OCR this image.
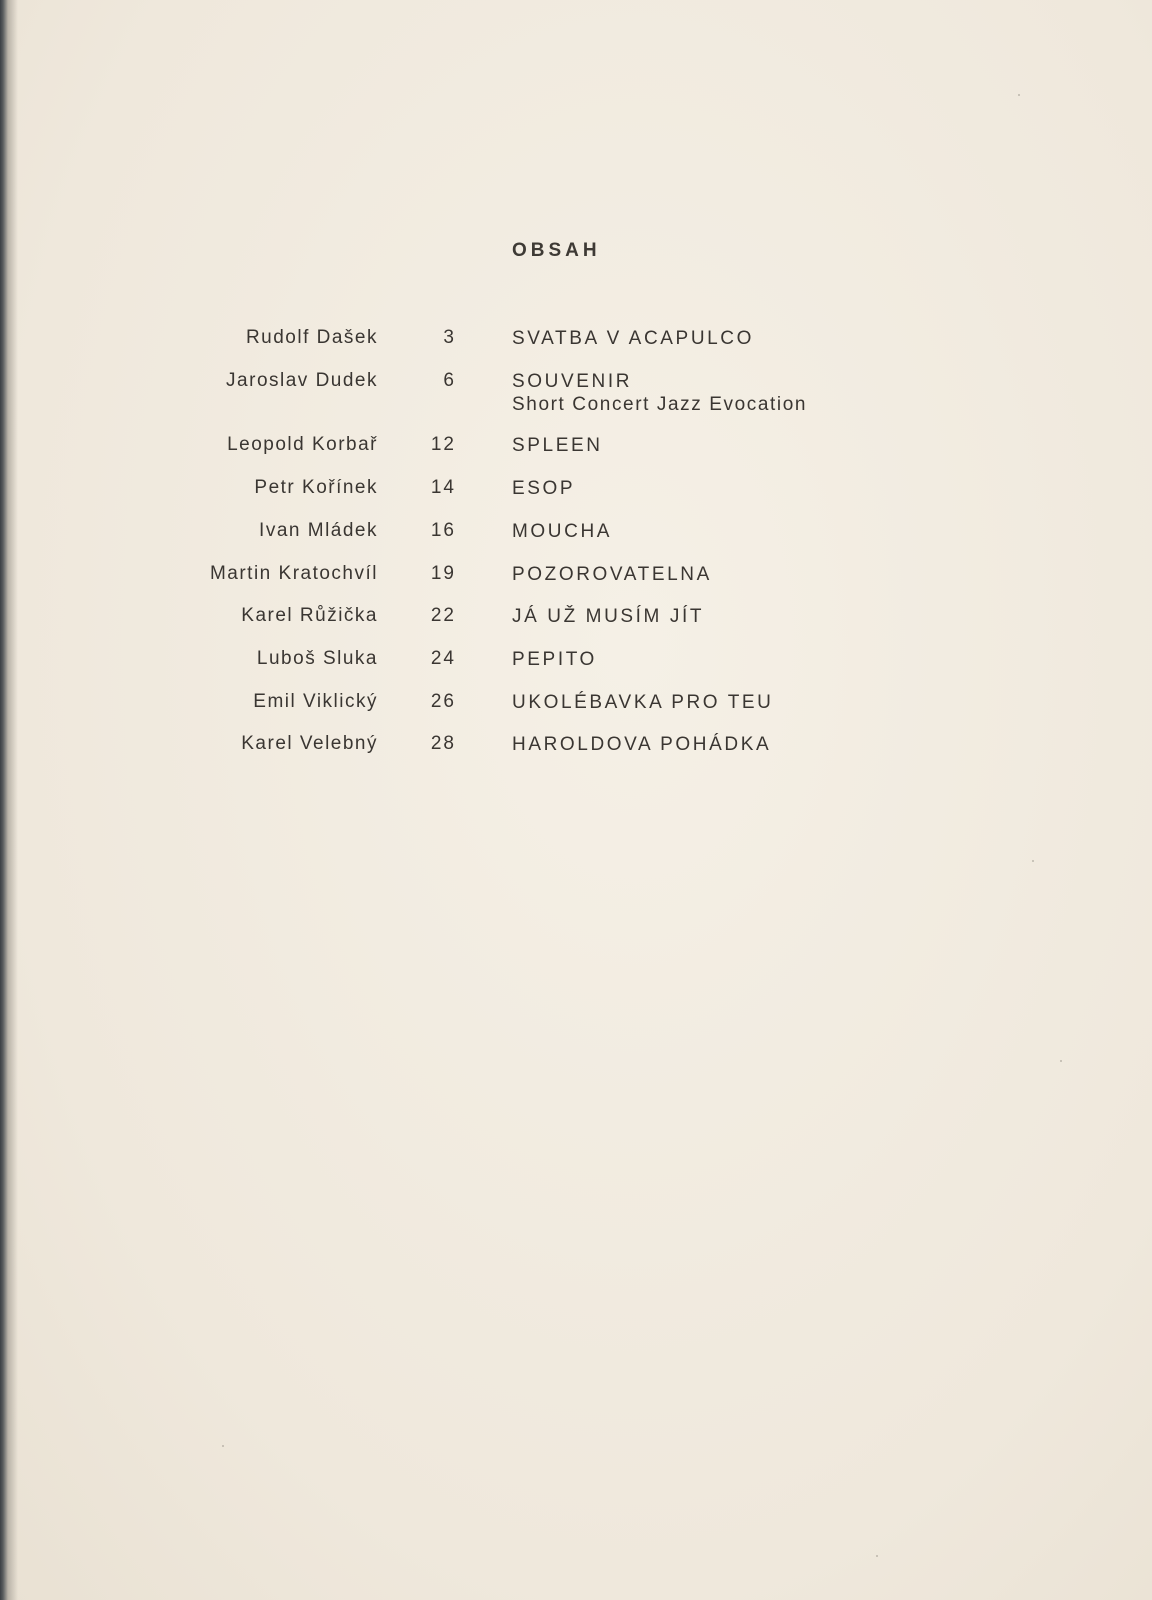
OBSAH
Rudolf Dašek	3	SVATBA V ACAPULCO
Jaroslav Dudek	6	SOUVENIR
Short Concert Jazz Evocation
Leopold Korbař	12	SPLEEN
Petr Kořínek	14	ESOP
Ivan Mládek	16	MOUCHA
Martin Kratochvíl	19	POZOROVATELNA
Karel Růžička	22	JÁ UŽ MUSÍM JÍT
Luboš Sluka	24	PEPITO
Emil Viklický	26	UKOLÉBAVKA PRO TEU
Karel Velebný	28	HAROLDOVA POHÁDKA
